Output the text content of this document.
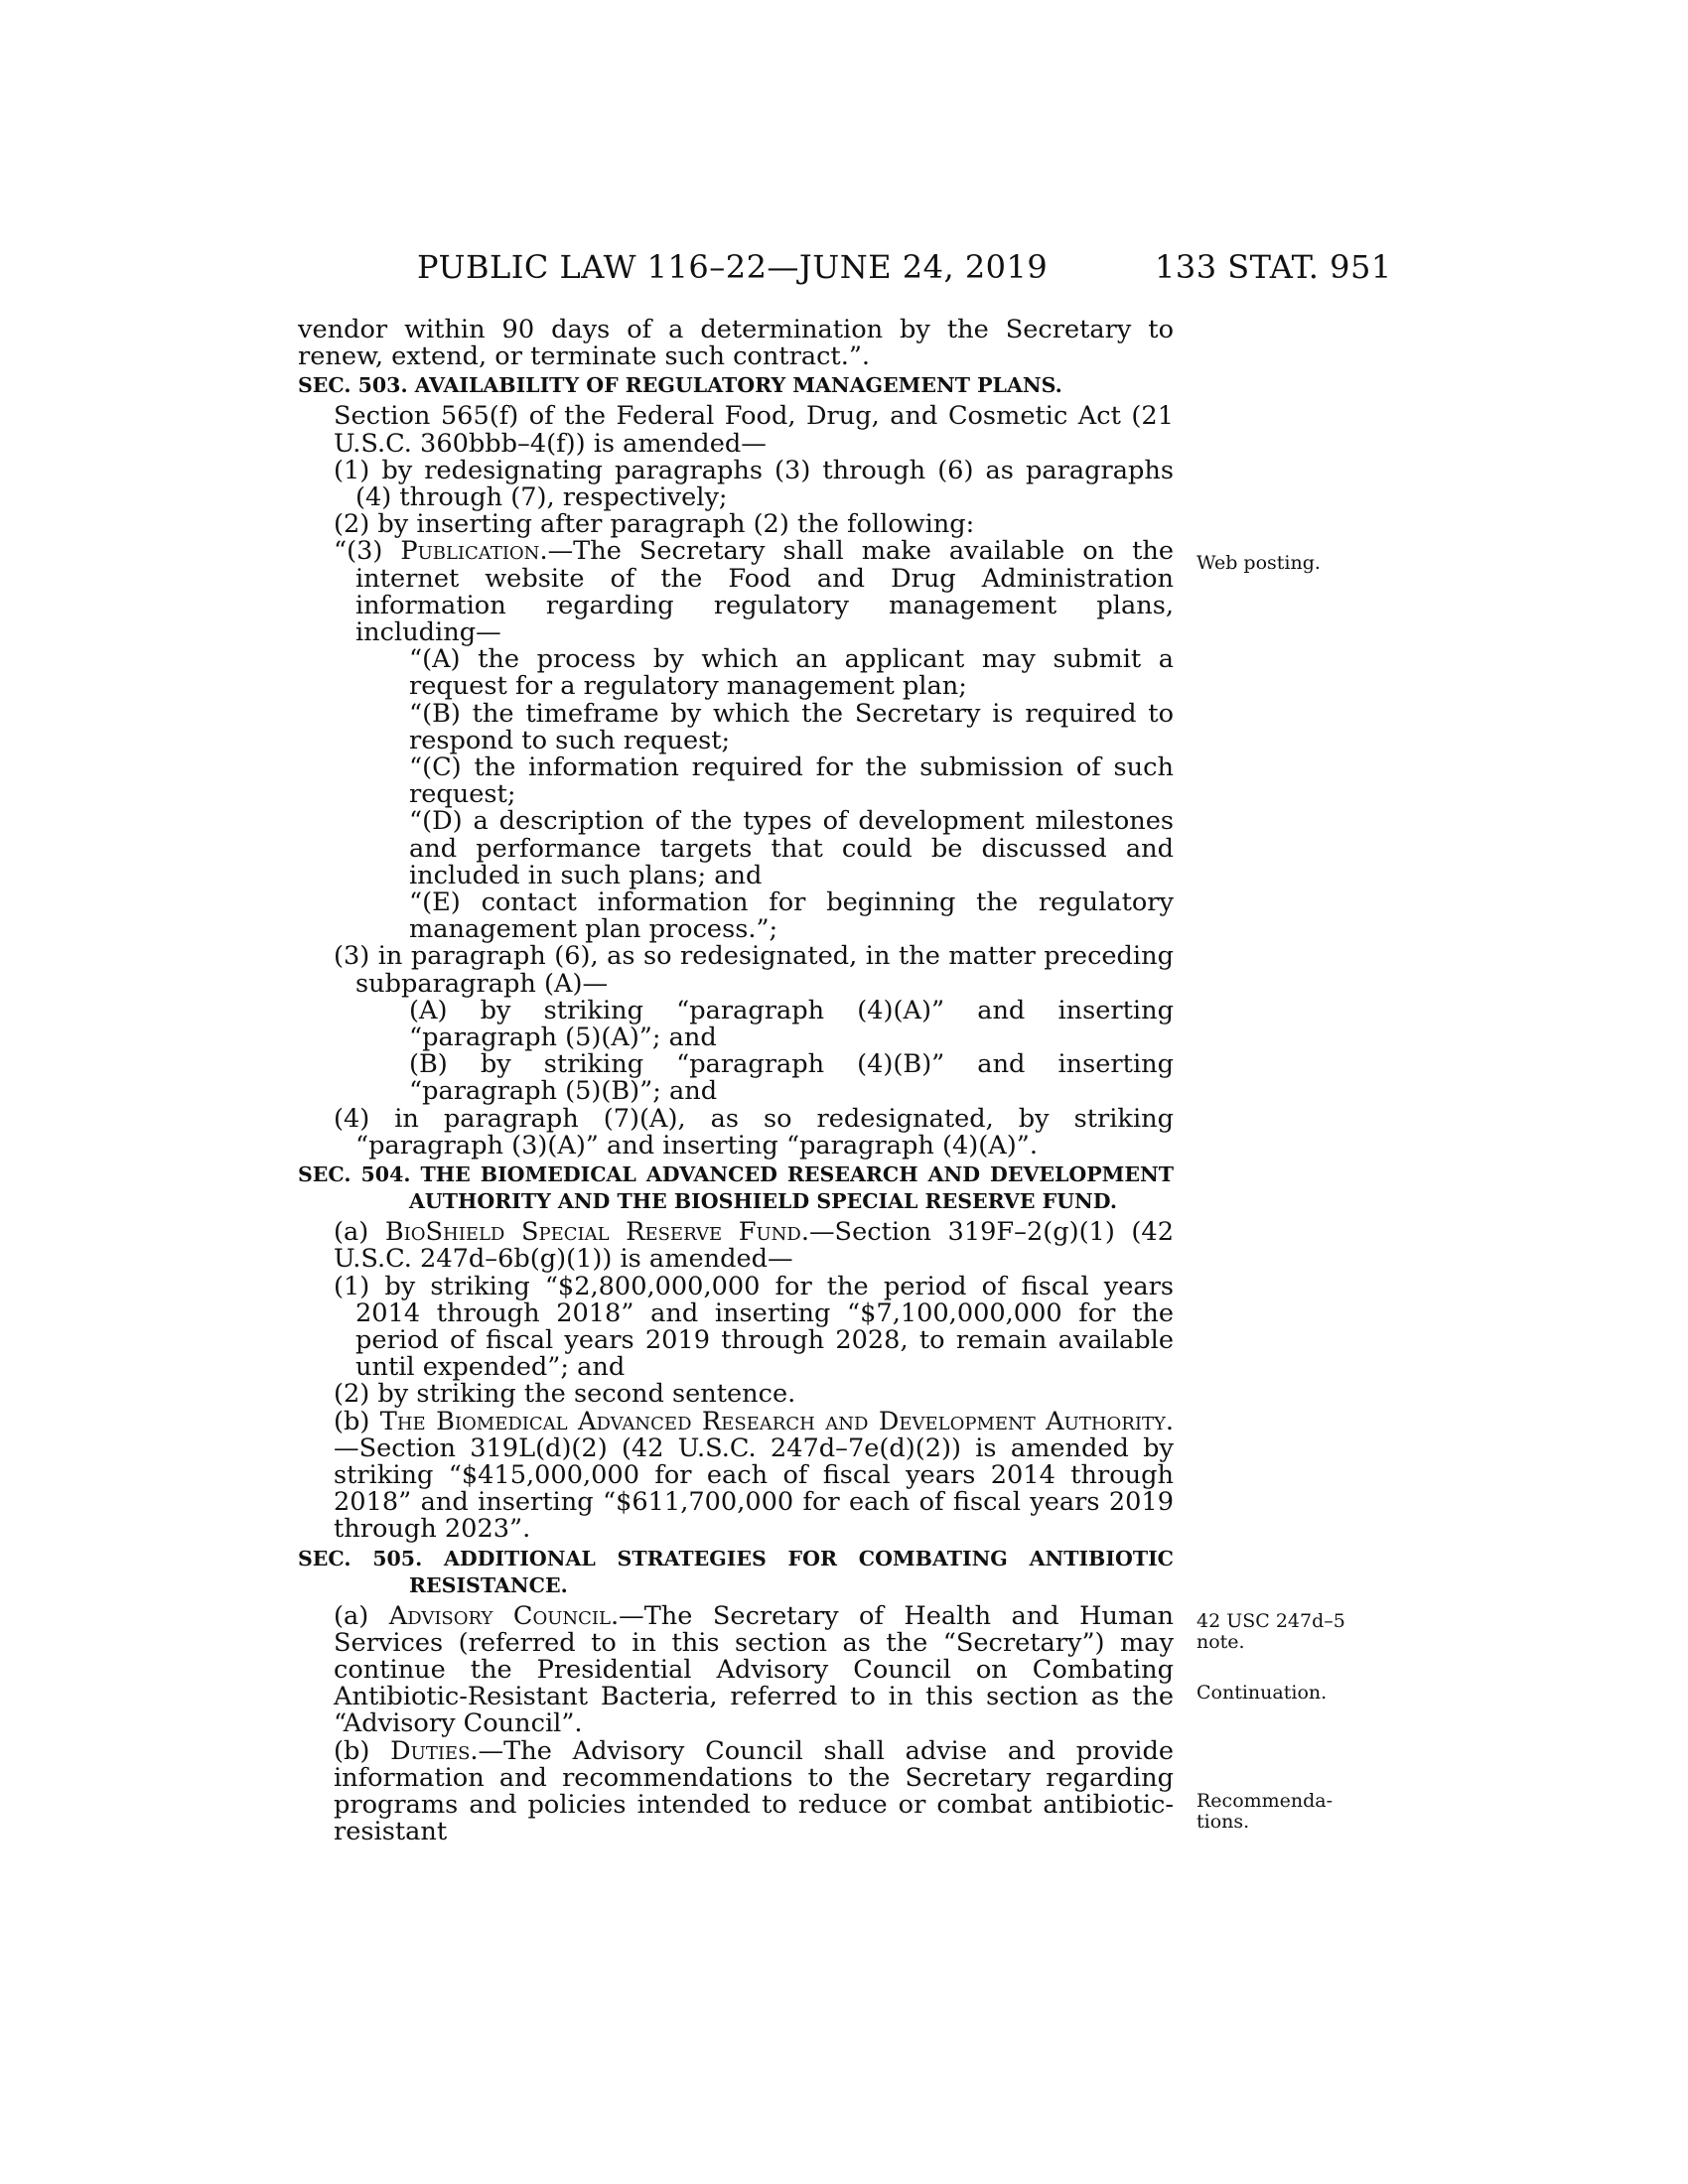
PUBLIC LAW 116–22—JUNE 24, 2019	133 STAT. 951

vendor within 90 days of a determination by the Secretary to renew, extend, or terminate such contract.”.

SEC. 503. AVAILABILITY OF REGULATORY MANAGEMENT PLANS.

Section 565(f) of the Federal Food, Drug, and Cosmetic Act (21 U.S.C. 360bbb–4(f)) is amended—

(1) by redesignating paragraphs (3) through (6) as paragraphs (4) through (7), respectively;

(2) by inserting after paragraph (2) the following:

“(3) Publication.—The Secretary shall make available on the internet website of the Food and Drug Administration information regarding regulatory management plans, including—

“(A) the process by which an applicant may submit a request for a regulatory management plan;

“(B) the timeframe by which the Secretary is required to respond to such request;

“(C) the information required for the submission of such request;

“(D) a description of the types of development milestones and performance targets that could be discussed and included in such plans; and

“(E) contact information for beginning the regulatory management plan process.”;

(3) in paragraph (6), as so redesignated, in the matter preceding subparagraph (A)—

(A) by striking “paragraph (4)(A)” and inserting “paragraph (5)(A)”; and

(B) by striking “paragraph (4)(B)” and inserting “paragraph (5)(B)”; and

(4) in paragraph (7)(A), as so redesignated, by striking “paragraph (3)(A)” and inserting “paragraph (4)(A)”.

SEC. 504. THE BIOMEDICAL ADVANCED RESEARCH AND DEVELOPMENT AUTHORITY AND THE BIOSHIELD SPECIAL RESERVE FUND.

(a) BioShield Special Reserve Fund.—Section 319F–2(g)(1) (42 U.S.C. 247d–6b(g)(1)) is amended—

(1) by striking “$2,800,000,000 for the period of fiscal years 2014 through 2018” and inserting “$7,100,000,000 for the period of fiscal years 2019 through 2028, to remain available until expended”; and

(2) by striking the second sentence.

(b) The Biomedical Advanced Research and Development Authority.—Section 319L(d)(2) (42 U.S.C. 247d–7e(d)(2)) is amended by striking “$415,000,000 for each of fiscal years 2014 through 2018” and inserting “$611,700,000 for each of fiscal years 2019 through 2023”.

SEC. 505. ADDITIONAL STRATEGIES FOR COMBATING ANTIBIOTIC RESISTANCE.

(a) Advisory Council.—The Secretary of Health and Human Services (referred to in this section as the “Secretary”) may continue the Presidential Advisory Council on Combating Antibiotic-Resistant Bacteria, referred to in this section as the “Advisory Council”.

(b) Duties.—The Advisory Council shall advise and provide information and recommendations to the Secretary regarding programs and policies intended to reduce or combat antibiotic-resistant

Web posting.
42 USC 247d–5
note.
Continuation.
Recommenda-
tions.
